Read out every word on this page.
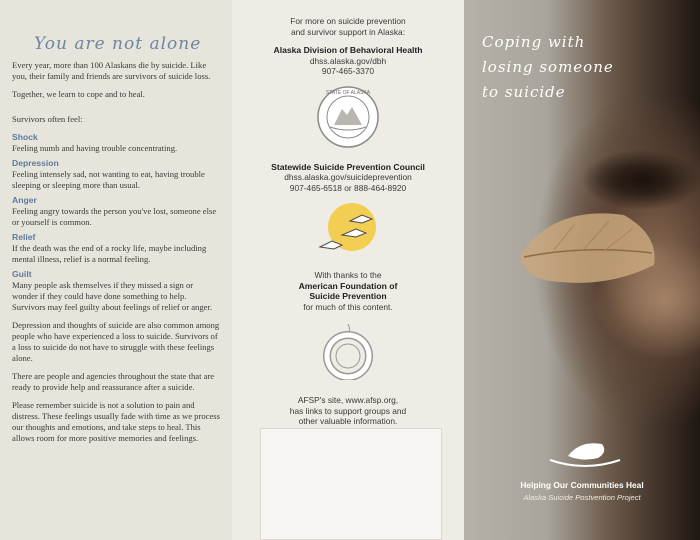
You are not alone

Every year, more than 100 Alaskans die by suicide. Like you, their family and friends are survivors of suicide loss.

Together, we learn to cope and to heal.

Survivors often feel:

Shock

Feeling numb and having trouble concentrating.

Depression

Feeling intensely sad, not wanting to eat, having trouble sleeping or sleeping more than usual.

Anger

Feeling angry towards the person you've lost, someone else or yourself is common.

Relief

If the death was the end of a rocky life, maybe including mental illness, relief is a normal feeling.

Guilt

Many people ask themselves if they missed a sign or wonder if they could have done something to help. Survivors may feel guilty about feelings of relief or anger.

Depression and thoughts of suicide are also common among people who have experienced a loss to suicide. Survivors of a loss to suicide do not have to struggle with these feelings alone.

There are people and agencies throughout the state that are ready to provide help and reassurance after a suicide.

Please remember suicide is not a solution to pain and distress. These feelings usually fade with time as we process our thoughts and emotions, and take steps to heal. This allows room for more positive memories and feelings.

For more on suicide prevention
and survivor support in Alaska:
Alaska Division of Behavioral Health
dhss.alaska.gov/dbh
907-465-3370
STATE OF ALASKA
Statewide Suicide Prevention Council
dhss.alaska.gov/suicideprevention
907-465-6518 or 888-464-8920
With thanks to the
American Foundation of
Suicide Prevention
for much of this content.
AFSP's site, www.afsp.org,
has links to support groups and
other valuable information.
Coping with
losing someone
to suicide
Helping Our Communities Heal
Alaska Suicide Postvention Project
